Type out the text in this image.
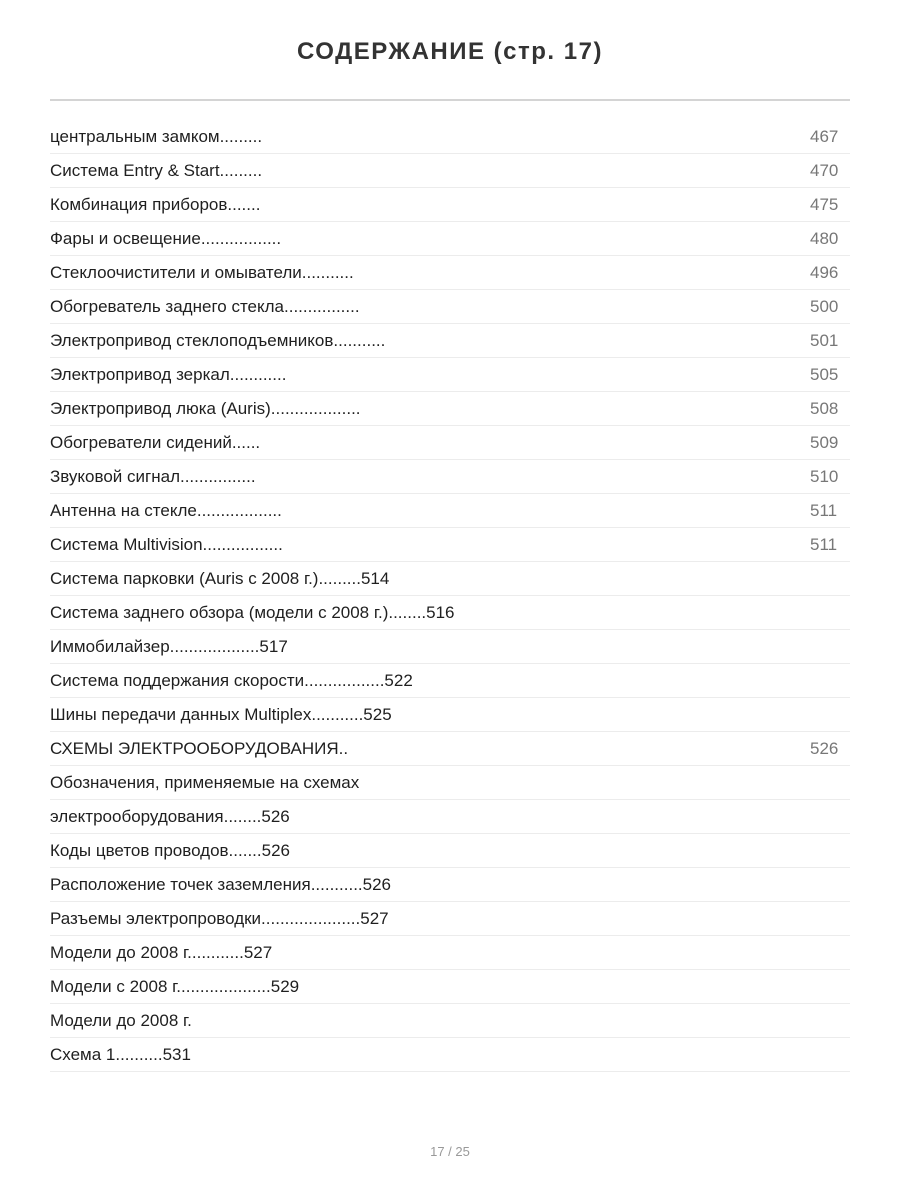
СОДЕРЖАНИЕ (стр. 17)
центральным замком.........	467
Система Entry & Start.........	470
Комбинация приборов.......	475
Фары и освещение.................	480
Стеклоочистители и омыватели...........	496
Обогреватель заднего стекла................	500
Электропривод стеклоподъемников...........	501
Электропривод зеркал............	505
Электропривод люка (Auris)...................	508
Обогреватели сидений......	509
Звуковой сигнал................	510
Антенна на стекле..................	511
Система Multivision.................	511
Система парковки (Auris с 2008 г.).........514
Система заднего обзора (модели с 2008 г.)........516
Иммобилайзер...................517
Система поддержания скорости.................522
Шины передачи данных Multiplex...........525
СХЕМЫ ЭЛЕКТРООБОРУДОВАНИЯ..	526
Обозначения, применяемые на схемах
электрооборудования........526
Коды цветов проводов.......526
Расположение точек заземления...........526
Разъемы электропроводки.....................527
Модели до 2008 г............527
Модели с 2008 г....................529
Модели до 2008 г.
Схема 1..........531
17 / 25
